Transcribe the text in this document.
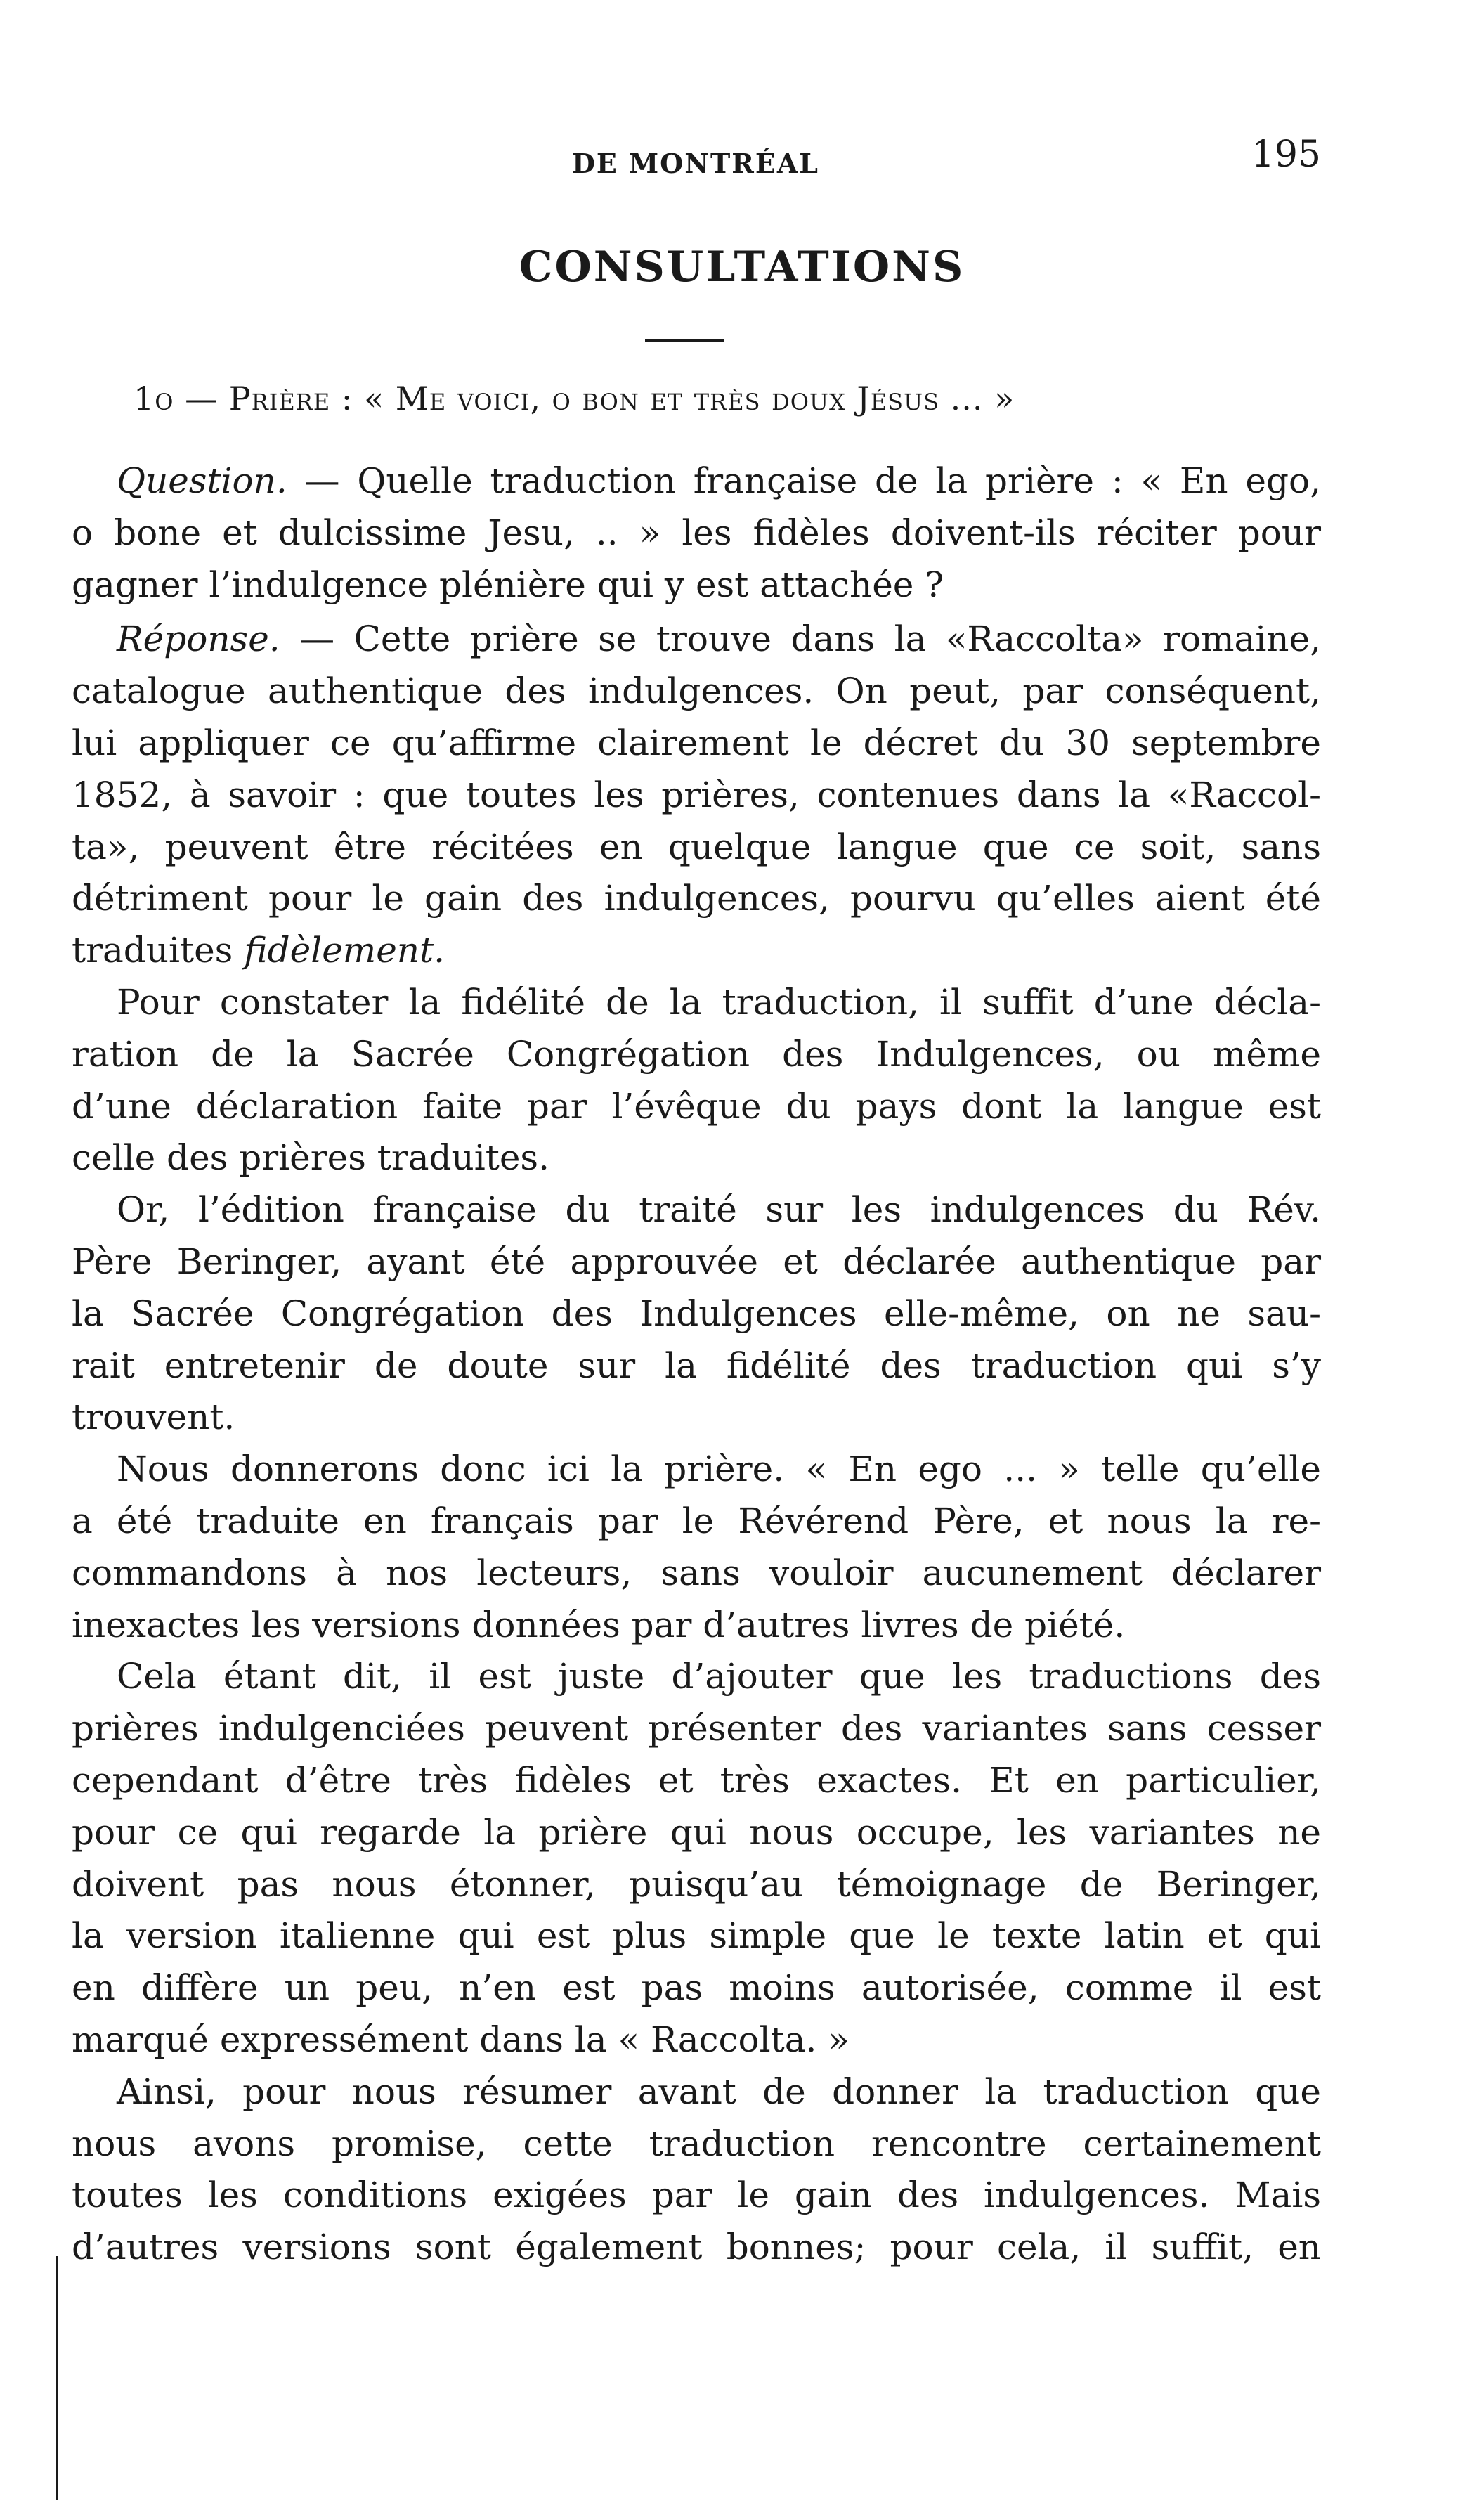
DE MONTRÉAL	195
CONSULTATIONS
1o — Prière : « Me voici, o bon et très doux Jésus ... »
Question. — Quelle traduction française de la prière : « En ego,
o bone et dulcissime Jesu, .. » les fidèles doivent-ils réciter pour
gagner l’indulgence plénière qui y est attachée ?
Réponse. — Cette prière se trouve dans la «Raccolta» romaine,
catalogue authentique des indulgences. On peut, par conséquent,
lui appliquer ce qu’affirme clairement le décret du 30 septembre
1852, à savoir : que toutes les prières, contenues dans la «Raccol-
ta», peuvent être récitées en quelque langue que ce soit, sans
détriment pour le gain des indulgences, pourvu qu’elles aient été
traduites fidèlement.
Pour constater la fidélité de la traduction, il suffit d’une décla-
ration de la Sacrée Congrégation des Indulgences, ou même
d’une déclaration faite par l’évêque du pays dont la langue est
celle des prières traduites.
Or, l’édition française du traité sur les indulgences du Rév.
Père Beringer, ayant été approuvée et déclarée authentique par
la Sacrée Congrégation des Indulgences elle-même, on ne sau-
rait entretenir de doute sur la fidélité des traduction qui s’y
trouvent.
Nous donnerons donc ici la prière. « En ego ... » telle qu’elle
a été traduite en français par le Révérend Père, et nous la re-
commandons à nos lecteurs, sans vouloir aucunement déclarer
inexactes les versions données par d’autres livres de piété.
Cela étant dit, il est juste d’ajouter que les traductions des
prières indulgenciées peuvent présenter des variantes sans cesser
cependant d’être très fidèles et très exactes. Et en particulier,
pour ce qui regarde la prière qui nous occupe, les variantes ne
doivent pas nous étonner, puisqu’au témoignage de Beringer,
la version italienne qui est plus simple que le texte latin et qui
en diffère un peu, n’en est pas moins autorisée, comme il est
marqué expressément dans la « Raccolta. »
Ainsi, pour nous résumer avant de donner la traduction que
nous avons promise, cette traduction rencontre certainement
toutes les conditions exigées par le gain des indulgences. Mais
d’autres versions sont également bonnes; pour cela, il suffit, en
